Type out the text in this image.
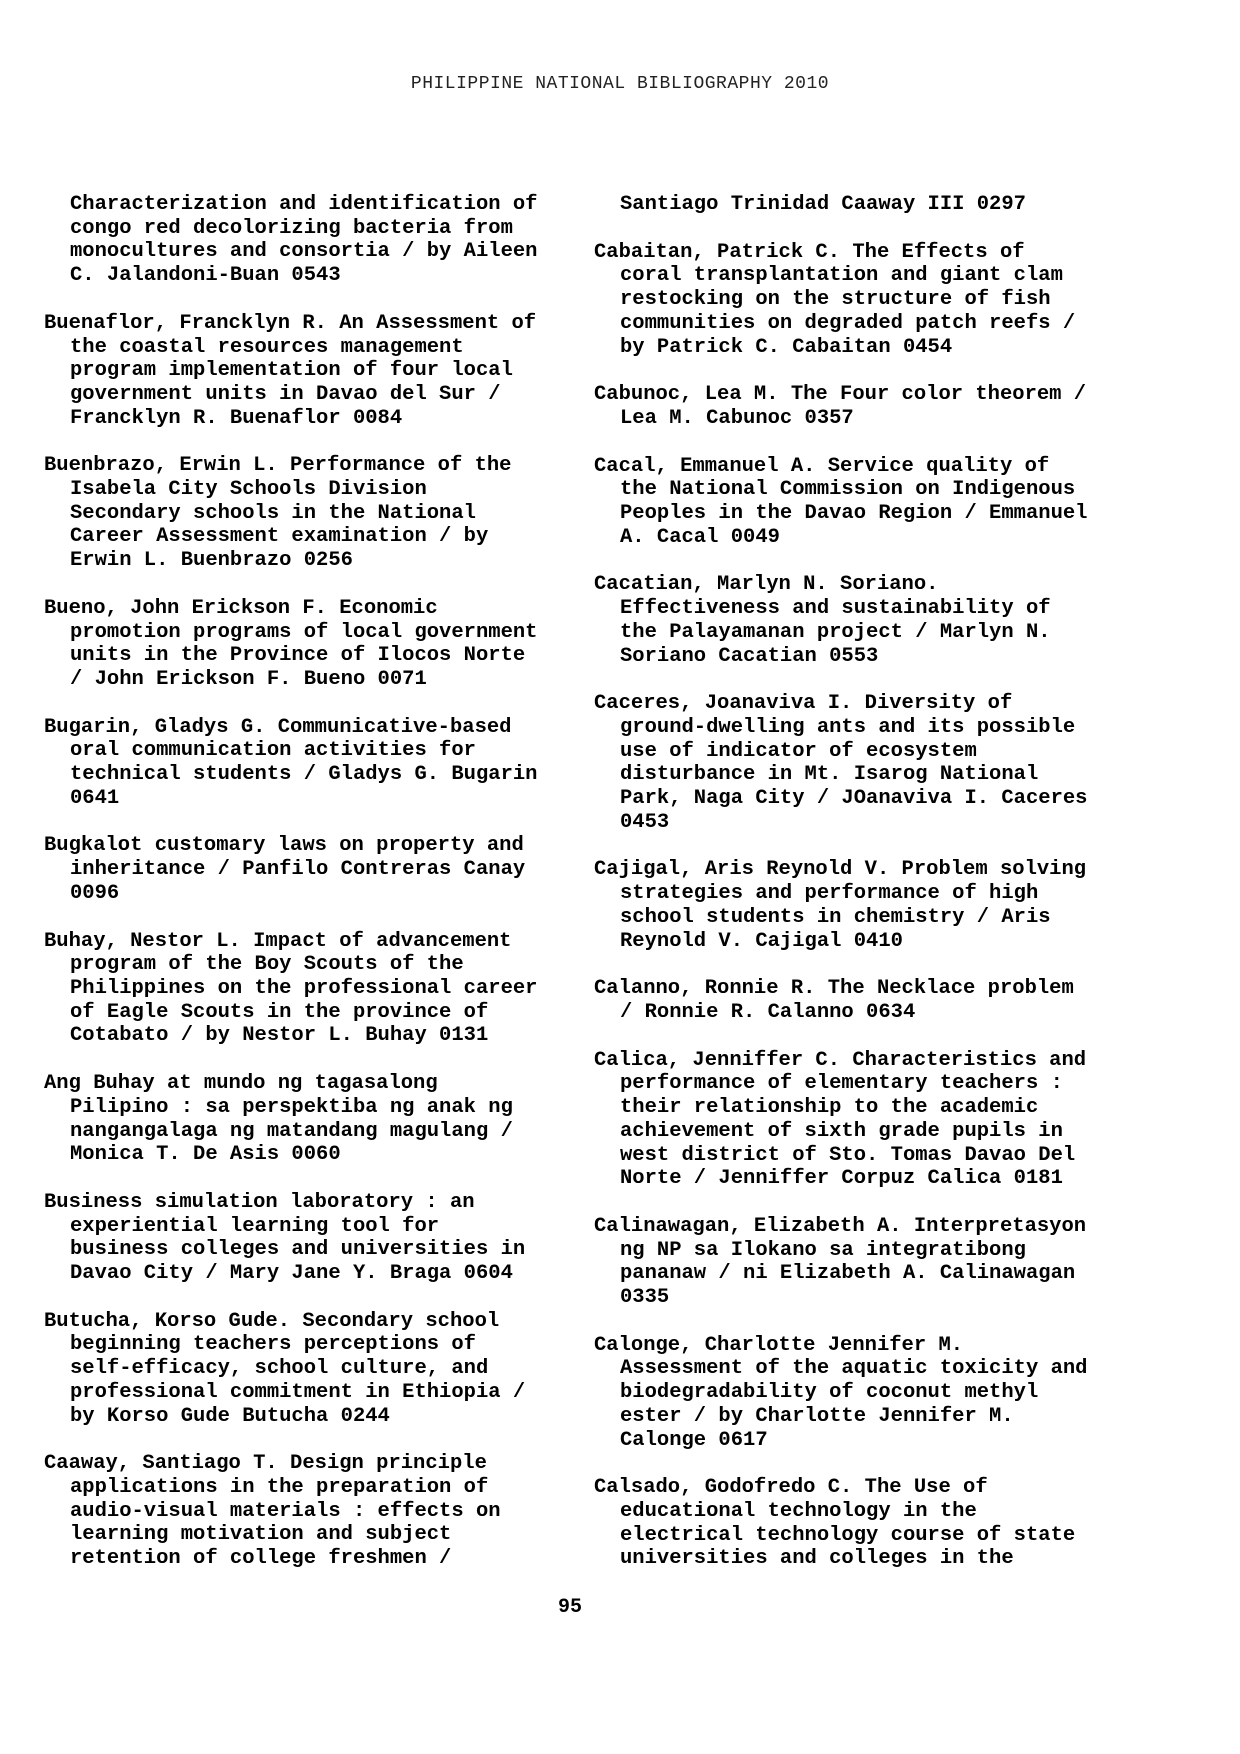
PHILIPPINE NATIONAL BIBLIOGRAPHY 2010

Characterization and identification of
congo red decolorizing bacteria from
monocultures and consortia / by Aileen
C. Jalandoni-Buan 0543

Buenaflor, Francklyn R. An Assessment of
the coastal resources management
program implementation of four local
government units in Davao del Sur /
Francklyn R. Buenaflor 0084

Buenbrazo, Erwin L. Performance of the
Isabela City Schools Division
Secondary schools in the National
Career Assessment examination / by
Erwin L. Buenbrazo 0256

Bueno, John Erickson F. Economic
promotion programs of local government
units in the Province of Ilocos Norte
/ John Erickson F. Bueno 0071

Bugarin, Gladys G. Communicative-based
oral communication activities for
technical students / Gladys G. Bugarin
0641

Bugkalot customary laws on property and
inheritance / Panfilo Contreras Canay
0096

Buhay, Nestor L. Impact of advancement
program of the Boy Scouts of the
Philippines on the professional career
of Eagle Scouts in the province of
Cotabato / by Nestor L. Buhay 0131

Ang Buhay at mundo ng tagasalong
Pilipino : sa perspektiba ng anak ng
nangangalaga ng matandang magulang /
Monica T. De Asis 0060

Business simulation laboratory : an
experiential learning tool for
business colleges and universities in
Davao City / Mary Jane Y. Braga 0604

Butucha, Korso Gude. Secondary school
beginning teachers perceptions of
self-efficacy, school culture, and
professional commitment in Ethiopia /
by Korso Gude Butucha 0244

Caaway, Santiago T. Design principle
applications in the preparation of
audio-visual materials : effects on
learning motivation and subject
retention of college freshmen /

Santiago Trinidad Caaway III 0297

Cabaitan, Patrick C. The Effects of
coral transplantation and giant clam
restocking on the structure of fish
communities on degraded patch reefs /
by Patrick C. Cabaitan 0454

Cabunoc, Lea M. The Four color theorem /
Lea M. Cabunoc 0357

Cacal, Emmanuel A. Service quality of
the National Commission on Indigenous
Peoples in the Davao Region / Emmanuel
A. Cacal 0049

Cacatian, Marlyn N. Soriano.
Effectiveness and sustainability of
the Palayamanan project / Marlyn N.
Soriano Cacatian 0553

Caceres, Joanaviva I. Diversity of
ground-dwelling ants and its possible
use of indicator of ecosystem
disturbance in Mt. Isarog National
Park, Naga City / JOanaviva I. Caceres
0453

Cajigal, Aris Reynold V. Problem solving
strategies and performance of high
school students in chemistry / Aris
Reynold V. Cajigal 0410

Calanno, Ronnie R. The Necklace problem
/ Ronnie R. Calanno 0634

Calica, Jenniffer C. Characteristics and
performance of elementary teachers :
their relationship to the academic
achievement of sixth grade pupils in
west district of Sto. Tomas Davao Del
Norte / Jenniffer Corpuz Calica 0181

Calinawagan, Elizabeth A. Interpretasyon
ng NP sa Ilokano sa integratibong
pananaw / ni Elizabeth A. Calinawagan
0335

Calonge, Charlotte Jennifer M.
Assessment of the aquatic toxicity and
biodegradability of coconut methyl
ester / by Charlotte Jennifer M.
Calonge 0617

Calsado, Godofredo C. The Use of
educational technology in the
electrical technology course of state
universities and colleges in the

95
